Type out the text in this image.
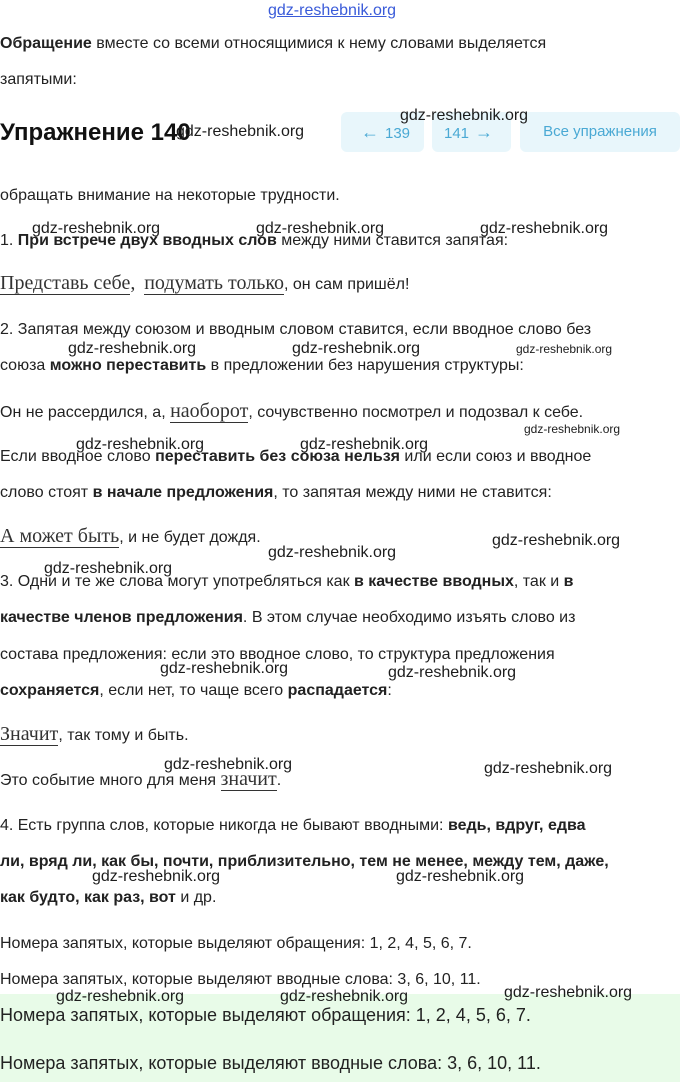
gdz-reshebnik.org
Обращение вместе со всеми относящимися к нему словами выделяется
запятыми:
Упражнение 140	← 139	141 →	Все упражнения
обращать внимание на некоторые трудности.
1. При встрече двух вводных слов между ними ставится запятая:
Представь себе, подумать только, он сам пришёл!
2. Запятая между союзом и вводным словом ставится, если вводное слово без
союза можно переставить в предложении без нарушения структуры:
Он не рассердился, а, наоборот, сочувственно посмотрел и подозвал к себе.
Если вводное слово переставить без союза нельзя или если союз и вводное
слово стоят в начале предложения, то запятая между ними не ставится:
А может быть, и не будет дождя.
3. Одни и те же слова могут употребляться как в качестве вводных, так и в
качестве членов предложения. В этом случае необходимо изъять слово из
состава предложения: если это вводное слово, то структура предложения
сохраняется, если нет, то чаще всего распадается:
Значит, так тому и быть.
Это событие много для меня значит.
4. Есть группа слов, которые никогда не бывают вводными: ведь, вдруг, едва
ли, вряд ли, как бы, почти, приблизительно, тем не менее, между тем, даже,
как будто, как раз, вот и др.
Номера запятых, которые выделяют обращения: 1, 2, 4, 5, 6, 7.
Номера запятых, которые выделяют вводные слова: 3, 6, 10, 11.
Номера запятых, которые выделяют обращения: 1, 2, 4, 5, 6, 7.
Номера запятых, которые выделяют вводные слова: 3, 6, 10, 11.
gdz-reshebnik.org
gdz-reshebnik.org
gdz-reshebnik.org	gdz-reshebnik.org	gdz-reshebnik.org
gdz-reshebnik.org	gdz-reshebnik.org	gdz-reshebnik.org
gdz-reshebnik.org
gdz-reshebnik.org	gdz-reshebnik.org
gdz-reshebnik.org
gdz-reshebnik.org
gdz-reshebnik.org
gdz-reshebnik.org	gdz-reshebnik.org
gdz-reshebnik.org	gdz-reshebnik.org
gdz-reshebnik.org	gdz-reshebnik.org
gdz-reshebnik.org
gdz-reshebnik.org	gdz-reshebnik.org
